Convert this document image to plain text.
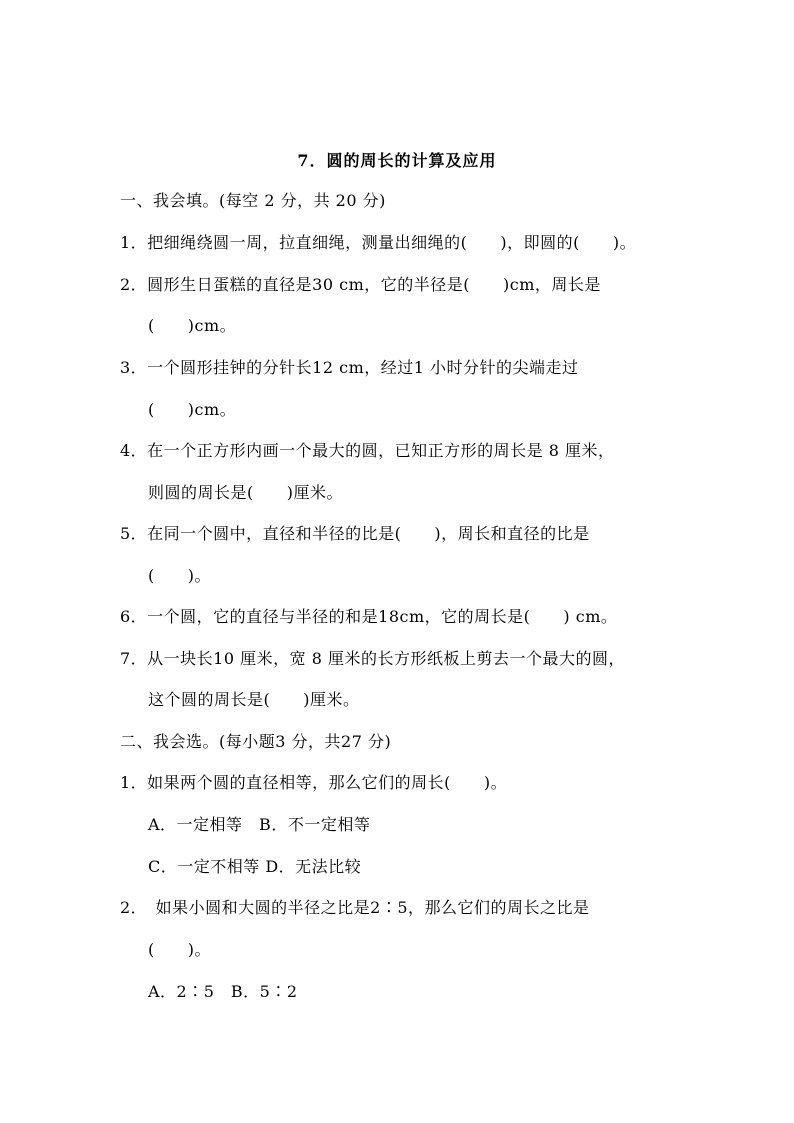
7．圆的周长的计算及应用
一、我会填。(每空 2 分，共 20 分)
1．把细绳绕圆一周，拉直细绳，测量出细绳的(　　)，即圆的(　　)。
2．圆形生日蛋糕的直径是30 cm，它的半径是(　　)cm，周长是
(　　)cm。
3．一个圆形挂钟的分针长12 cm，经过1 小时分针的尖端走过
(　　)cm。
4．在一个正方形内画一个最大的圆，已知正方形的周长是 8 厘米，
则圆的周长是(　　)厘米。
5．在同一个圆中，直径和半径的比是(　　)，周长和直径的比是
(　　)。
6．一个圆，它的直径与半径的和是18cm，它的周长是(　　) cm。
7．从一块长10 厘米，宽 8 厘米的长方形纸板上剪去一个最大的圆，
这个圆的周长是(　　)厘米。
二、我会选。(每小题3 分，共27 分)
1．如果两个圆的直径相等，那么它们的周长(　　)。
A．一定相等　B．不一定相等
C．一定不相等 D．无法比较
2．　如果小圆和大圆的半径之比是2∶5，那么它们的周长之比是
(　　)。
A．2∶5　B．5∶2
